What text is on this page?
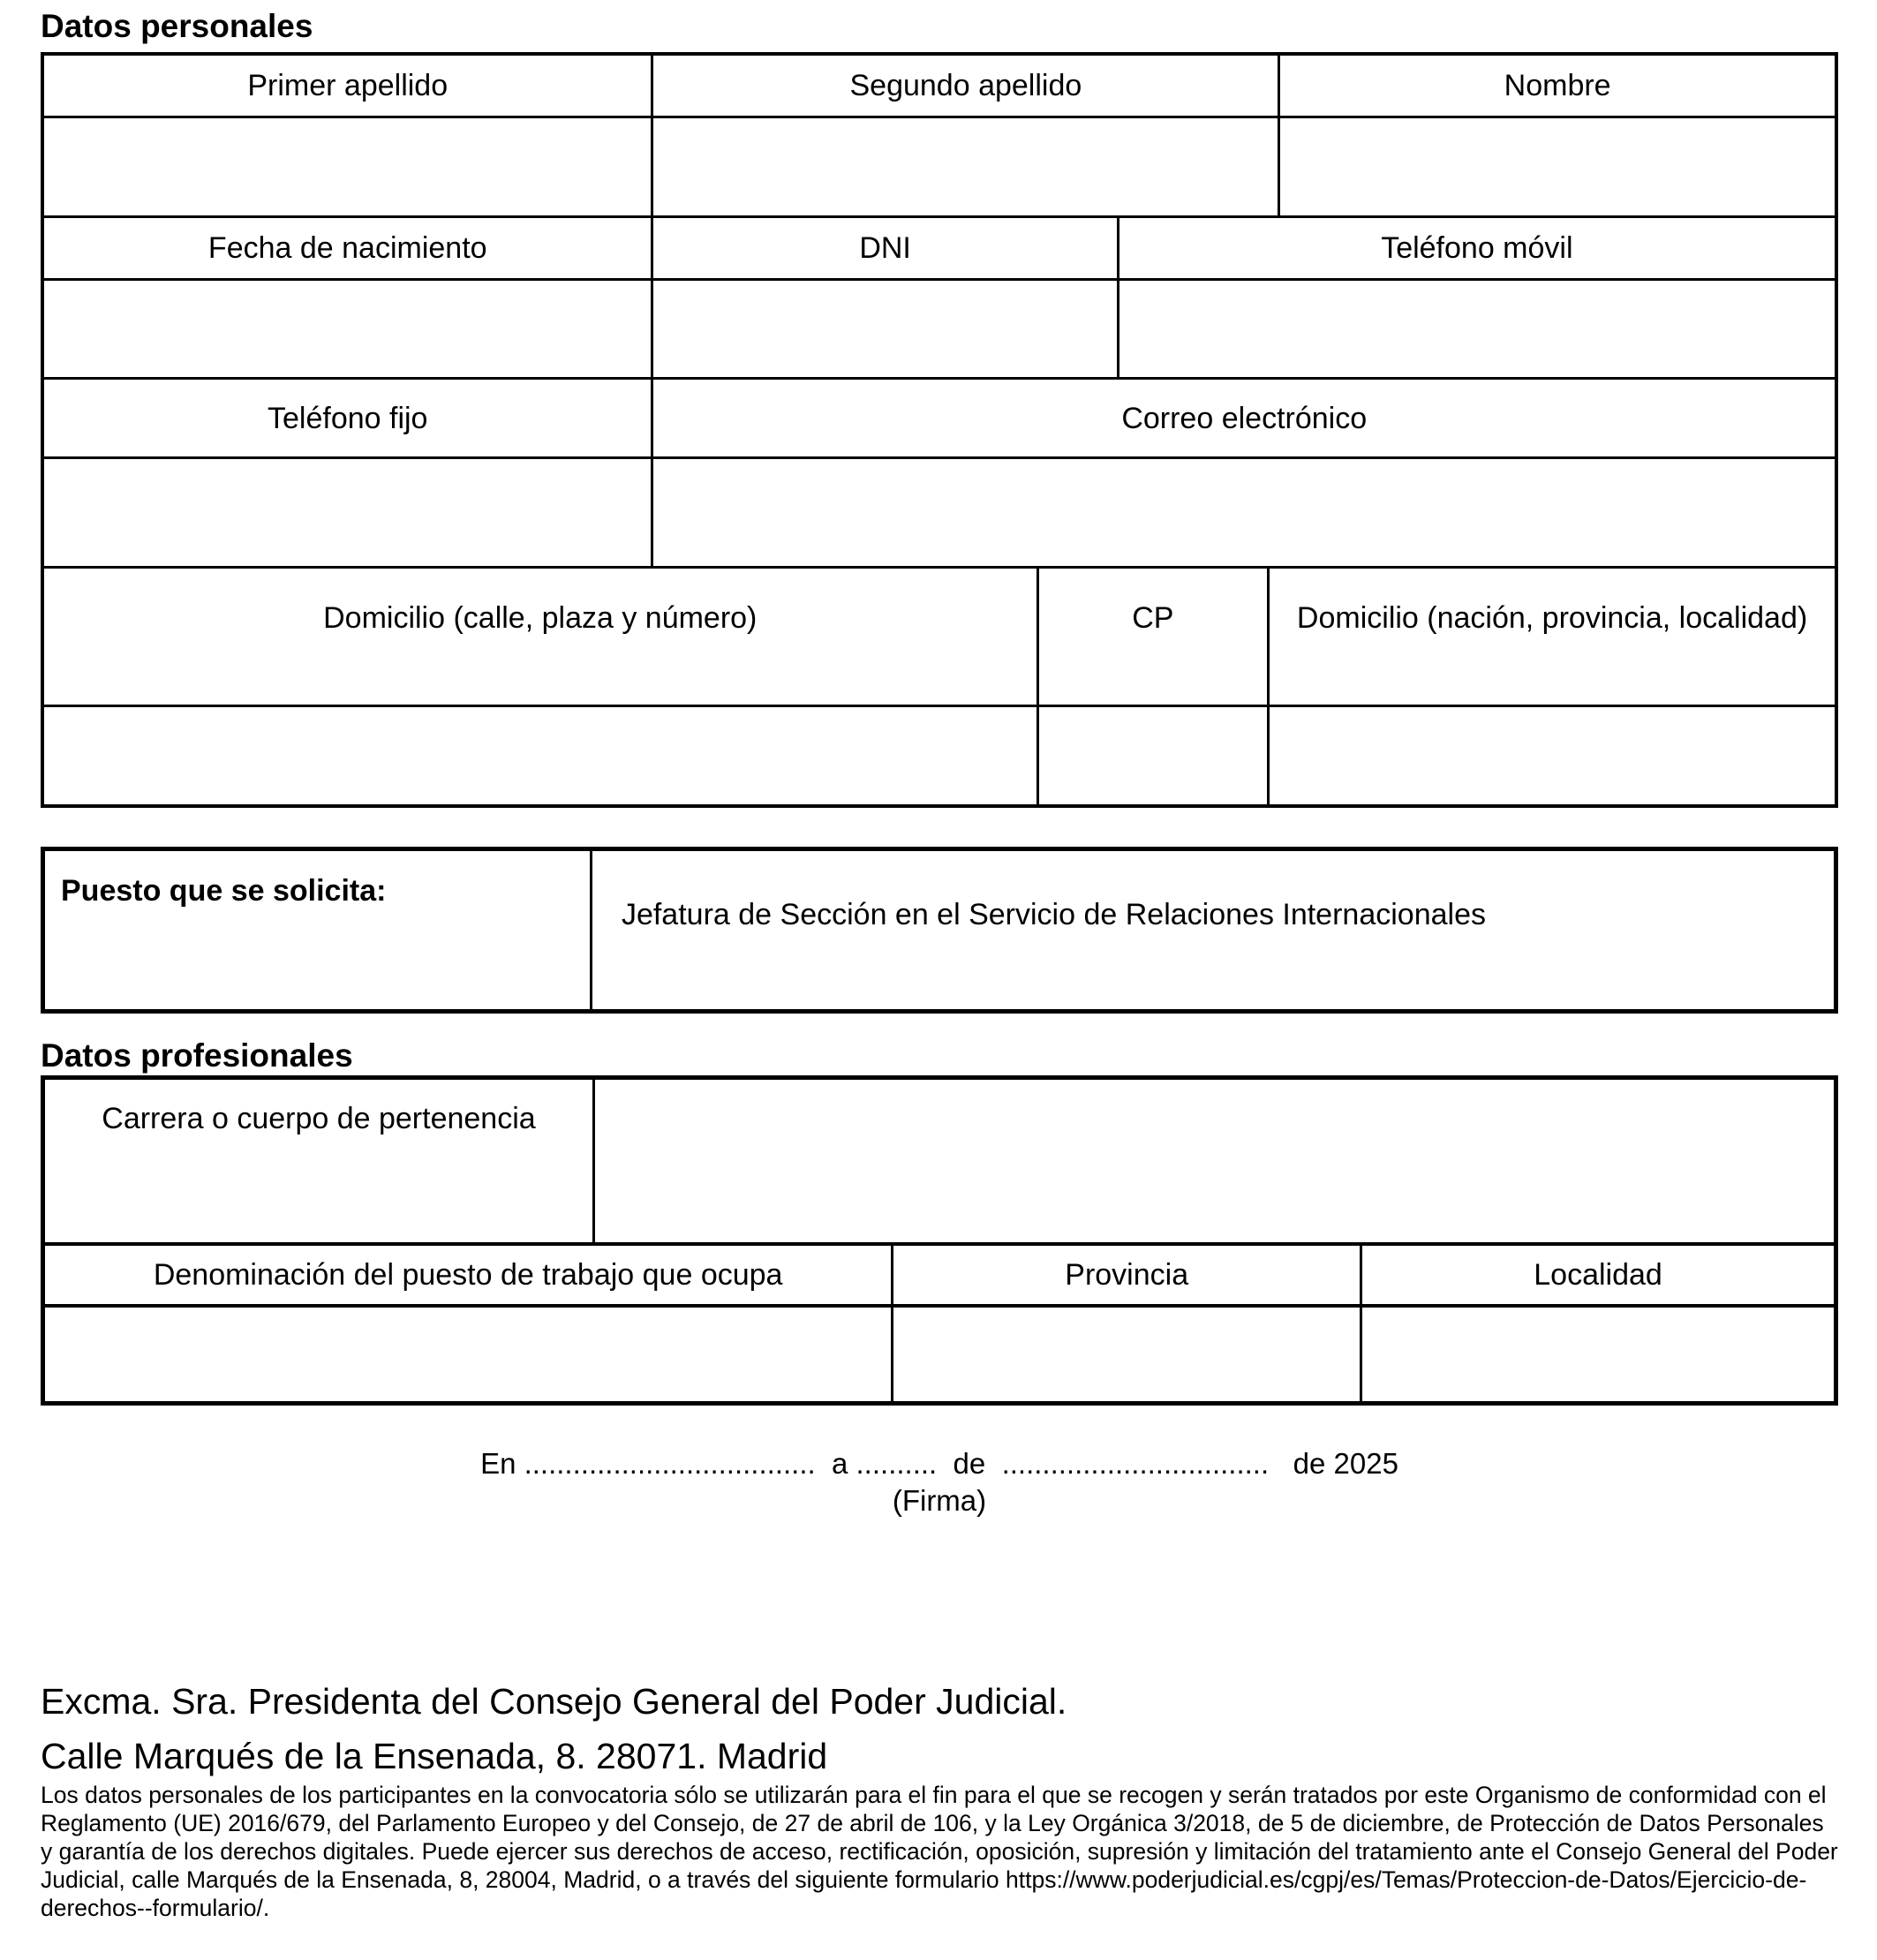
Datos personales
Primer apellido	Segundo apellido	Nombre
Fecha de nacimiento	DNI	Teléfono móvil
Teléfono fijo	Correo electrónico
Domicilio (calle, plaza y número)	CP	Domicilio (nación, provincia, localidad)
Puesto que se solicita:
Jefatura de Sección en el Servicio de Relaciones Internacionales
Datos profesionales
Carrera o cuerpo de pertenencia
Denominación del puesto de trabajo que ocupa	Provincia	Localidad
En ....................................  a ..........  de  .................................   de 2025
(Firma)
Excma. Sra. Presidenta del Consejo General del Poder Judicial.
Calle Marqués de la Ensenada, 8. 28071. Madrid
Los datos personales de los participantes en la convocatoria sólo se utilizarán para el fin para el que se recogen y serán tratados por este Organismo de conformidad con el Reglamento (UE) 2016/679, del Parlamento Europeo y del Consejo, de 27 de abril de 106, y la Ley Orgánica 3/2018, de 5 de diciembre, de Protección de Datos Personales y garantía de los derechos digitales. Puede ejercer sus derechos de acceso, rectificación, oposición, supresión y limitación del tratamiento ante el Consejo General del Poder Judicial, calle Marqués de la Ensenada, 8, 28004, Madrid, o a través del siguiente formulario https://www.poderjudicial.es/cgpj/es/Temas/Proteccion-de-Datos/Ejercicio-de-derechos--formulario/.
